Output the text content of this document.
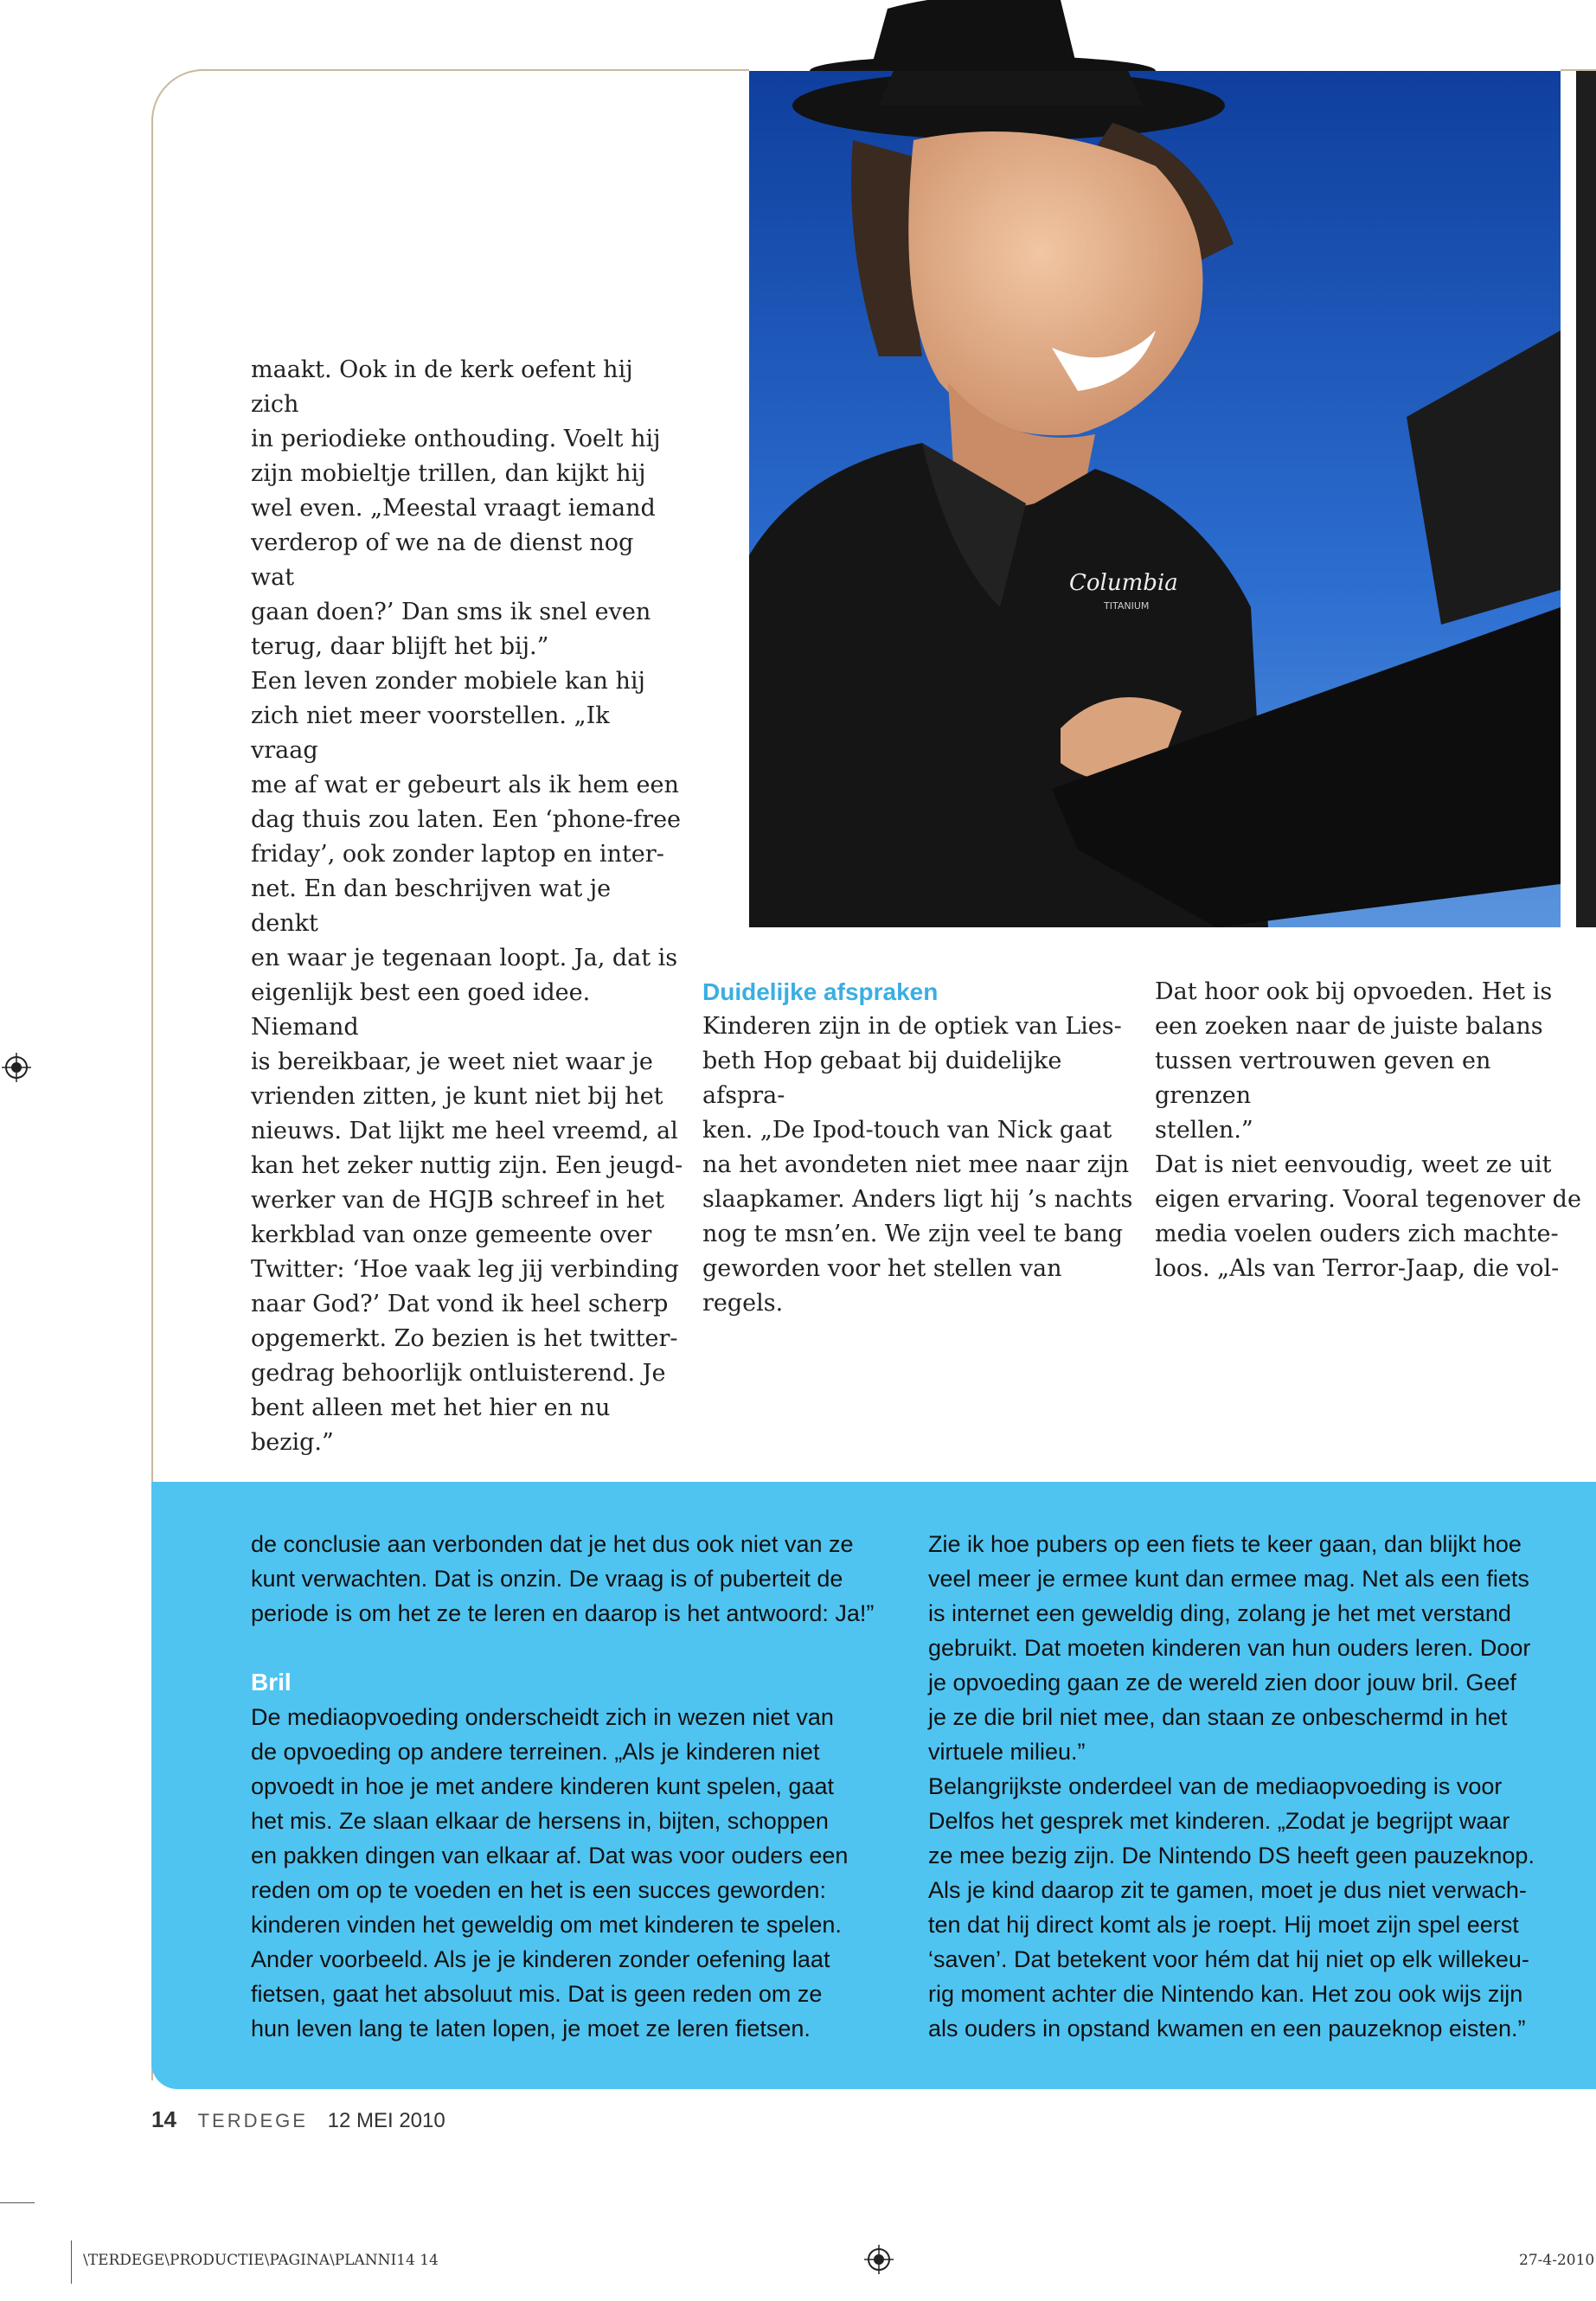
Columbia
TITANIUM

maakt. Ook in de kerk oefent hij zich

in periodieke onthouding. Voelt hij

zijn mobieltje trillen, dan kijkt hij

wel even. „Meestal vraagt iemand

verderop of we na de dienst nog wat

gaan doen?’ Dan sms ik snel even

terug, daar blijft het bij.”

Een leven zonder mobiele kan hij

zich niet meer voorstellen. „Ik vraag

me af wat er gebeurt als ik hem een

dag thuis zou laten. Een ‘phone-free

friday’, ook zonder laptop en inter-

net. En dan beschrijven wat je denkt

en waar je tegenaan loopt. Ja, dat is

eigenlijk best een goed idee. Niemand

is bereikbaar, je weet niet waar je

vrienden zitten, je kunt niet bij het

nieuws. Dat lijkt me heel vreemd, al

kan het zeker nuttig zijn. Een jeugd-

werker van de HGJB schreef in het

kerkblad van onze gemeente over

Twitter: ‘Hoe vaak leg jij verbinding

naar God?’ Dat vond ik heel scherp

opgemerkt. Zo bezien is het twitter-

gedrag behoorlijk ontluisterend. Je

bent alleen met het hier en nu bezig.”

Duidelijke afspraken

Kinderen zijn in de optiek van Lies-

beth Hop gebaat bij duidelijke afspra-

ken. „De Ipod-touch van Nick gaat

na het avondeten niet mee naar zijn

slaapkamer. Anders ligt hij ’s nachts

nog te msn’en. We zijn veel te bang

geworden voor het stellen van regels.

Dat hoor ook bij opvoeden. Het is

een zoeken naar de juiste balans

tussen vertrouwen geven en grenzen

stellen.”

Dat is niet eenvoudig, weet ze uit

eigen ervaring. Vooral tegenover de

media voelen ouders zich machte-

loos. „Als van Terror-Jaap, die vol-

de conclusie aan verbonden dat je het dus ook niet van ze

kunt verwachten. Dat is onzin. De vraag is of puberteit de

periode is om het ze te leren en daarop is het antwoord: Ja!”

Bril

De mediaopvoeding onderscheidt zich in wezen niet van

de opvoeding op andere terreinen. „Als je kinderen niet

opvoedt in hoe je met andere kinderen kunt spelen, gaat

het mis. Ze slaan elkaar de hersens in, bijten, schoppen

en pakken dingen van elkaar af. Dat was voor ouders een

reden om op te voeden en het is een succes geworden:

kinderen vinden het geweldig om met kinderen te spelen.

Ander voorbeeld. Als je je kinderen zonder oefening laat

fietsen, gaat het absoluut mis. Dat is geen reden om ze

hun leven lang te laten lopen, je moet ze leren fietsen.

Zie ik hoe pubers op een fiets te keer gaan, dan blijkt hoe

veel meer je ermee kunt dan ermee mag. Net als een fiets

is internet een geweldig ding, zolang je het met verstand

gebruikt. Dat moeten kinderen van hun ouders leren. Door

je opvoeding gaan ze de wereld zien door jouw bril. Geef

je ze die bril niet mee, dan staan ze onbeschermd in het

virtuele milieu.”

Belangrijkste onderdeel van de mediaopvoeding is voor

Delfos het gesprek met kinderen. „Zodat je begrijpt waar

ze mee bezig zijn. De Nintendo DS heeft geen pauzeknop.

Als je kind daarop zit te gamen, moet je dus niet verwach-

ten dat hij direct komt als je roept. Hij moet zijn spel eerst

‘saven’. Dat betekent voor hém dat hij niet op elk willekeu-

rig moment achter die Nintendo kan. Het zou ook wijs zijn

als ouders in opstand kwamen en een pauzeknop eisten.”

14 TERDEGE 12 MEI 2010
\TERDEGE\PRODUCTIE\PAGINA\PLANNI14 14	27-4-2010
